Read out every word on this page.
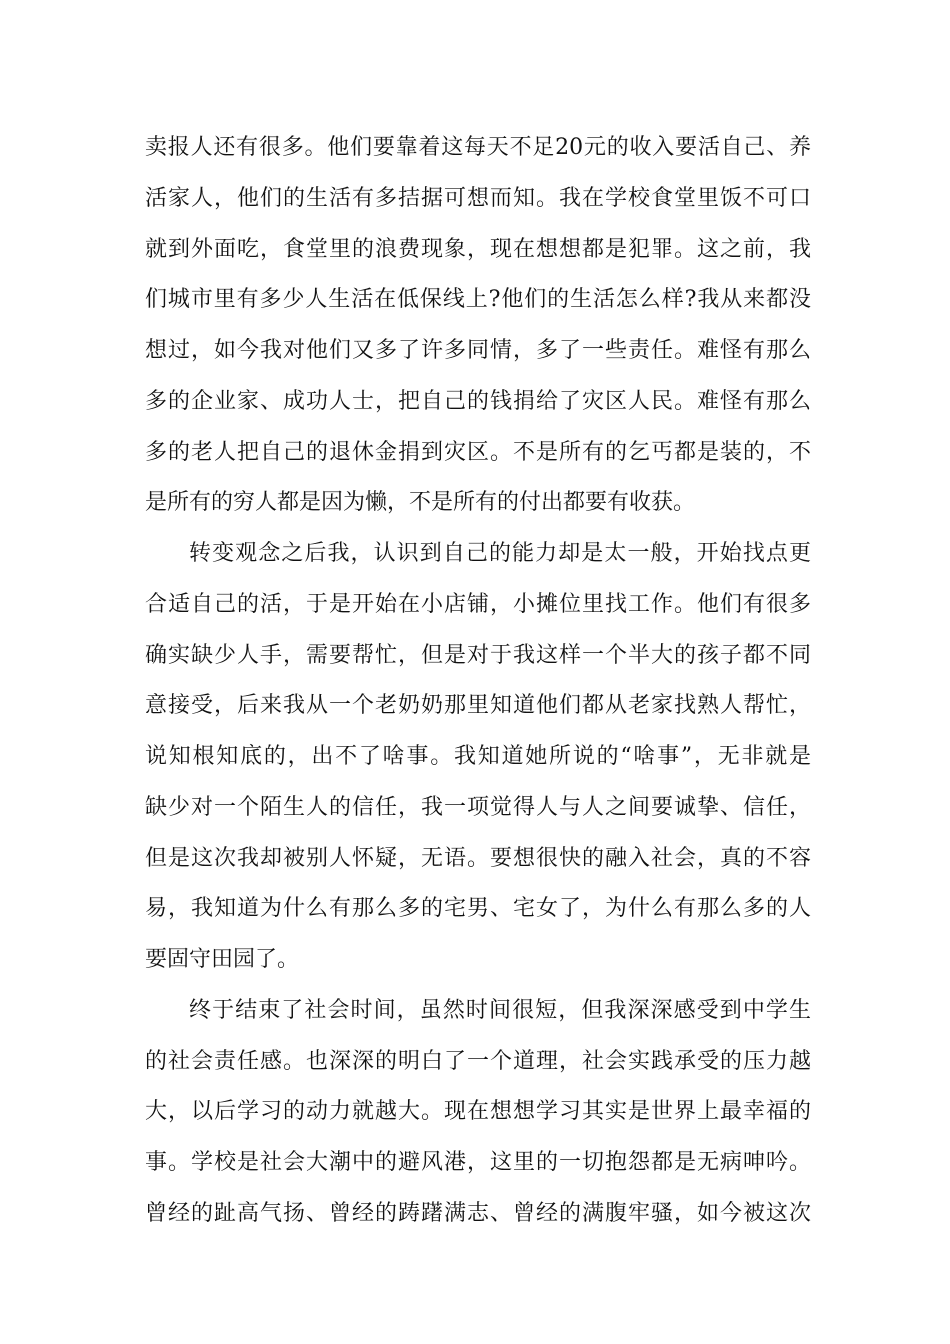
卖报人还有很多。他们要靠着这每天不足20元的收入要活自己、养
活家人，他们的生活有多拮据可想而知。我在学校食堂里饭不可口
就到外面吃，食堂里的浪费现象，现在想想都是犯罪。这之前，我
们城市里有多少人生活在低保线上?他们的生活怎么样?我从来都没
想过，如今我对他们又多了许多同情，多了一些责任。难怪有那么
多的企业家、成功人士，把自己的钱捐给了灾区人民。难怪有那么
多的老人把自己的退休金捐到灾区。不是所有的乞丐都是装的，不
是所有的穷人都是因为懒，不是所有的付出都要有收获。
转变观念之后我，认识到自己的能力却是太一般，开始找点更
合适自己的活，于是开始在小店铺，小摊位里找工作。他们有很多
确实缺少人手，需要帮忙，但是对于我这样一个半大的孩子都不同
意接受，后来我从一个老奶奶那里知道他们都从老家找熟人帮忙，
说知根知底的，出不了啥事。我知道她所说的“啥事”，无非就是
缺少对一个陌生人的信任，我一项觉得人与人之间要诚挚、信任，
但是这次我却被别人怀疑，无语。要想很快的融入社会，真的不容
易，我知道为什么有那么多的宅男、宅女了，为什么有那么多的人
要固守田园了。
终于结束了社会时间，虽然时间很短，但我深深感受到中学生
的社会责任感。也深深的明白了一个道理，社会实践承受的压力越
大，以后学习的动力就越大。现在想想学习其实是世界上最幸福的
事。学校是社会大潮中的避风港，这里的一切抱怨都是无病呻吟。
曾经的趾高气扬、曾经的踌躇满志、曾经的满腹牢骚，如今被这次
